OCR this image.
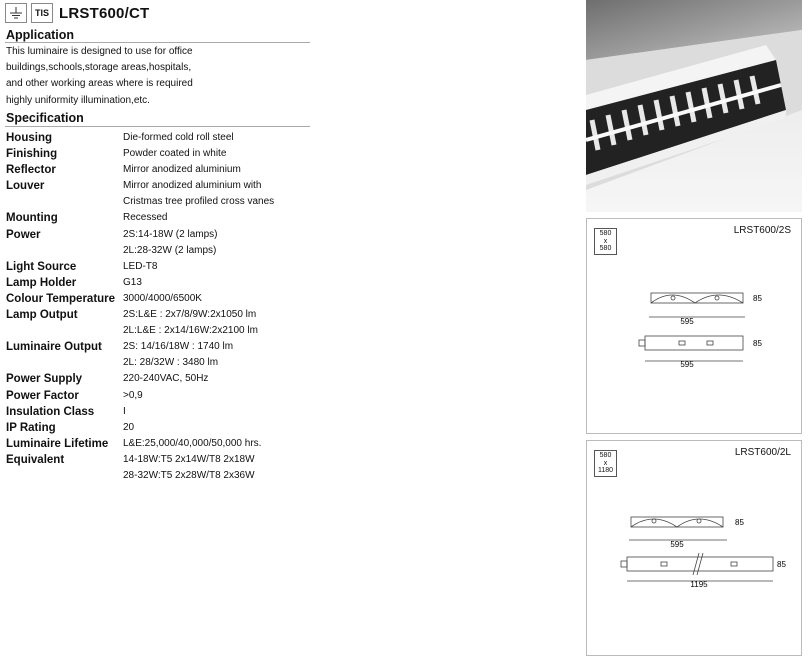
TIS LRST600/CT
Application
This luminaire is designed to use for office
buildings,schools,storage areas,hospitals,
and other working areas where is required
highly uniformity illumination,etc.
Specification
Housing	Die-formed cold roll steel
Finishing	Powder coated in white
Reflector	Mirror anodized aluminium
Louver	Mirror anodized aluminium with
Cristmas tree profiled cross vanes
Mounting	Recessed
Power	2S:14-18W (2 lamps)
2L:28-32W (2 lamps)
Light Source	LED-T8
Lamp Holder	G13
Colour Temperature 3000/4000/6500K
Lamp Output	2S:L&E : 2x7/8/9W:2x1050 lm
2L:L&E : 2x14/16W:2x2100 lm
Luminaire Output	2S: 14/16/18W : 1740 lm
2L: 28/32W : 3480 lm
Power Supply	220-240VAC, 50Hz
Power Factor	>0,9
Insulation Class	I
IP Rating	20
Luminaire Lifetime	L&E:25,000/40,000/50,000 hrs.
Equivalent	14-18W:T5 2x14W/T8 2x18W
28-32W:T5 2x28W/T8 2x36W
580
x
580
LRST600/2S
595
85
595
85
580
x
1180
LRST600/2L
595
85
1195
85
